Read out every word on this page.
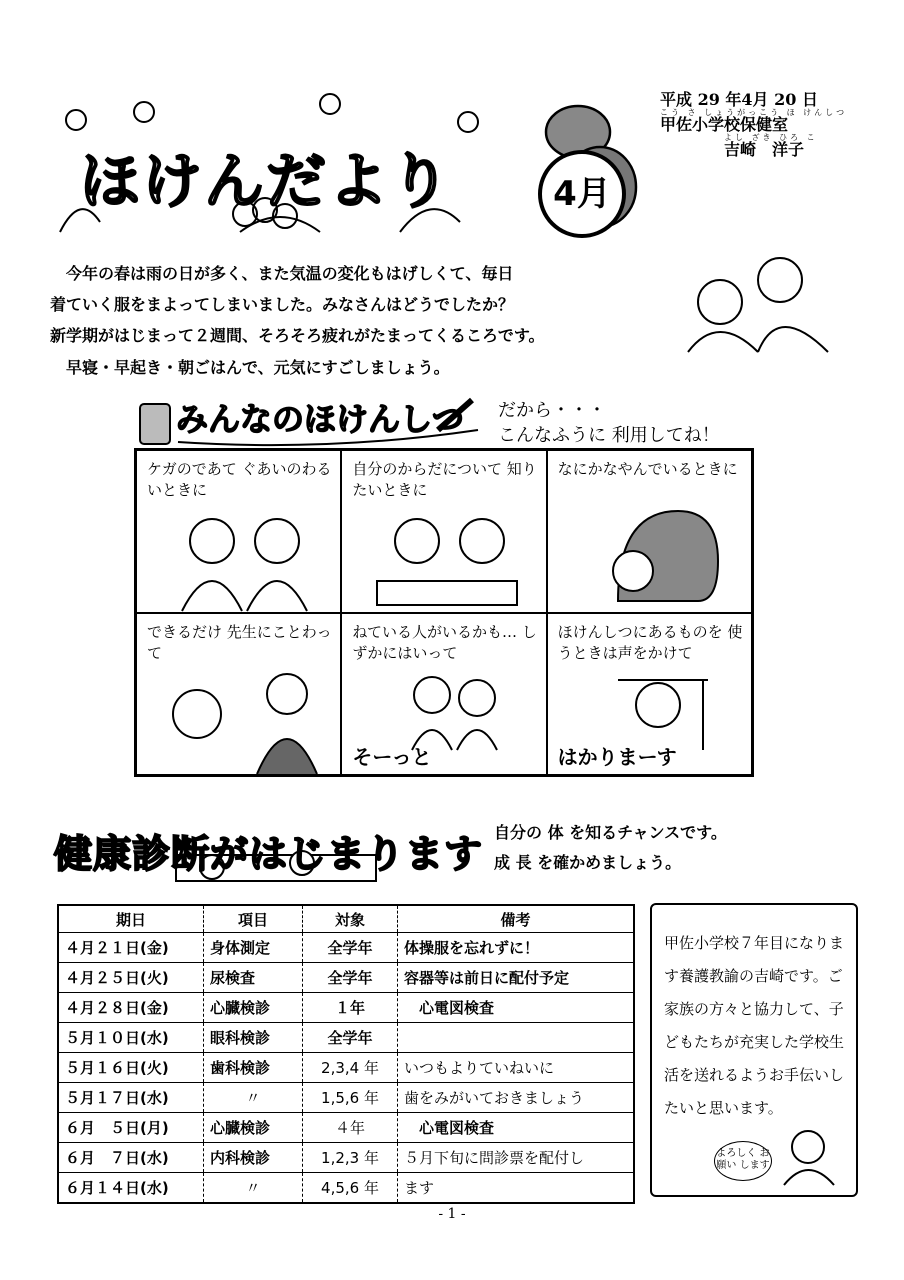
ほけんだより	4月
平成 29 年4月 20 日
こう さ しょうがっこう ほ けんしつ
甲佐小学校保健室
よし ざき ひろ こ
吉崎　洋子

今年の春は雨の日が多く、また気温の変化もはげしくて、毎日

着ていく服をまよってしまいました。みなさんはどうでしたか？

新学期がはじまって２週間、そろそろ疲れがたまってくるころです。

早寝・早起き・朝ごはんで、元気にすごしましょう。

みんなのほけんしつ だから・・・
こんなふうに 利用してね！
ケガのであて ぐあいのわるいときに
自分のからだについて 知りたいときに
なにかなやんでいるときに
できるだけ 先生にことわって
ねている人がいるかも… しずかにはいって
そーっと
ほけんしつにあるものを 使うときは声をかけて
はかりまーす
健康診断がはじまります 自分の 体 を知るチャンスです。
成 長 を確かめましょう。
期日	項目	対象	備考
４月２１日(金)	身体測定	全学年	体操服を忘れずに！
４月２５日(火)	尿検査	全学年	容器等は前日に配付予定
４月２８日(金)	心臓検診	１年	　心電図検査
５月１０日(水)	眼科検診	全学年	
５月１６日(火)	歯科検診	2,3,4 年	いつもよりていねいに
５月１７日(水)	〃	1,5,6 年	歯をみがいておきましょう
６月　５日(月)	心臓検診	４年	　心電図検査
６月　７日(水)	内科検診	1,2,3 年	５月下旬に問診票を配付し
６月１４日(水)	〃	4,5,6 年	ます
甲佐小学校７年目になります養護教諭の吉崎です。ご家族の方々と協力して、子どもたちが充実した学校生活を送れるようお手伝いしたいと思います。
よろしく お願い します
- 1 -
